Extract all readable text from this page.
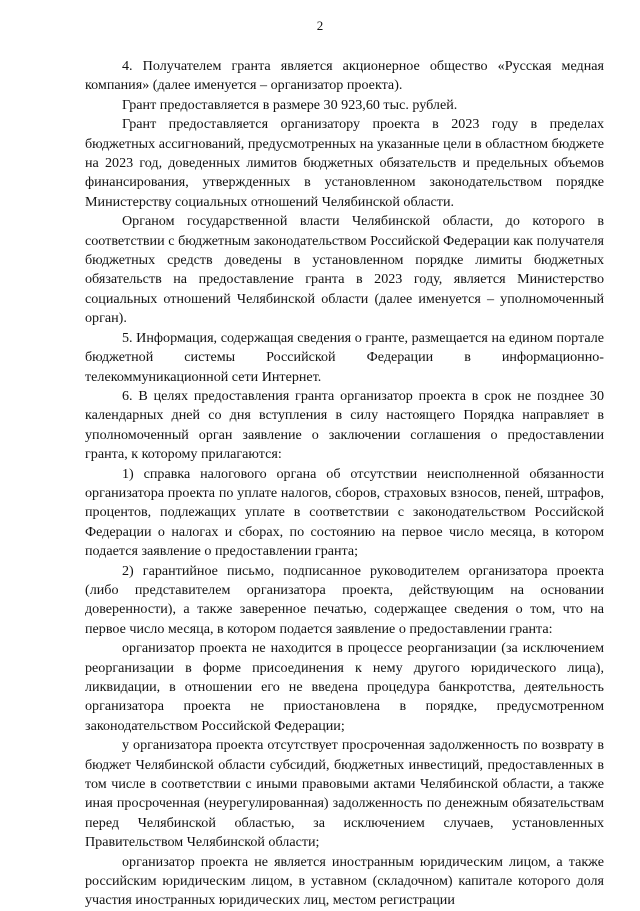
2

4. Получателем гранта является акционерное общество «Русская медная компания» (далее именуется – организатор проекта).

Грант предоставляется в размере 30 923,60 тыс. рублей.

Грант предоставляется организатору проекта в 2023 году в пределах бюджетных ассигнований, предусмотренных на указанные цели в областном бюджете на 2023 год, доведенных лимитов бюджетных обязательств и предельных объемов финансирования, утвержденных в установленном законодательством порядке Министерству социальных отношений Челябинской области.

Органом государственной власти Челябинской области, до которого в соответствии с бюджетным законодательством Российской Федерации как получателя бюджетных средств доведены в установленном порядке лимиты бюджетных обязательств на предоставление гранта в 2023 году, является Министерство социальных отношений Челябинской области (далее именуется – уполномоченный орган).

5. Информация, содержащая сведения о гранте, размещается на едином портале бюджетной системы Российской Федерации в информационно-телекоммуникационной сети Интернет.

6. В целях предоставления гранта организатор проекта в срок не позднее 30 календарных дней со дня вступления в силу настоящего Порядка направляет в уполномоченный орган заявление о заключении соглашения о предоставлении гранта, к которому прилагаются:

1) справка налогового органа об отсутствии неисполненной обязанности организатора проекта по уплате налогов, сборов, страховых взносов, пеней, штрафов, процентов, подлежащих уплате в соответствии с законодательством Российской Федерации о налогах и сборах, по состоянию на первое число месяца, в котором подается заявление о предоставлении гранта;

2) гарантийное письмо, подписанное руководителем организатора проекта (либо представителем организатора проекта, действующим на основании доверенности), а также заверенное печатью, содержащее сведения о том, что на первое число месяца, в котором подается заявление о предоставлении гранта:

организатор проекта не находится в процессе реорганизации (за исключением реорганизации в форме присоединения к нему другого юридического лица), ликвидации, в отношении его не введена процедура банкротства, деятельность организатора проекта не приостановлена в порядке, предусмотренном законодательством Российской Федерации;

у организатора проекта отсутствует просроченная задолженность по возврату в бюджет Челябинской области субсидий, бюджетных инвестиций, предоставленных в том числе в соответствии с иными правовыми актами Челябинской области, а также иная просроченная (неурегулированная) задолженность по денежным обязательствам перед Челябинской областью, за исключением случаев, установленных Правительством Челябинской области;

организатор проекта не является иностранным юридическим лицом, а также российским юридическим лицом, в уставном (складочном) капитале которого доля участия иностранных юридических лиц, местом регистрации
